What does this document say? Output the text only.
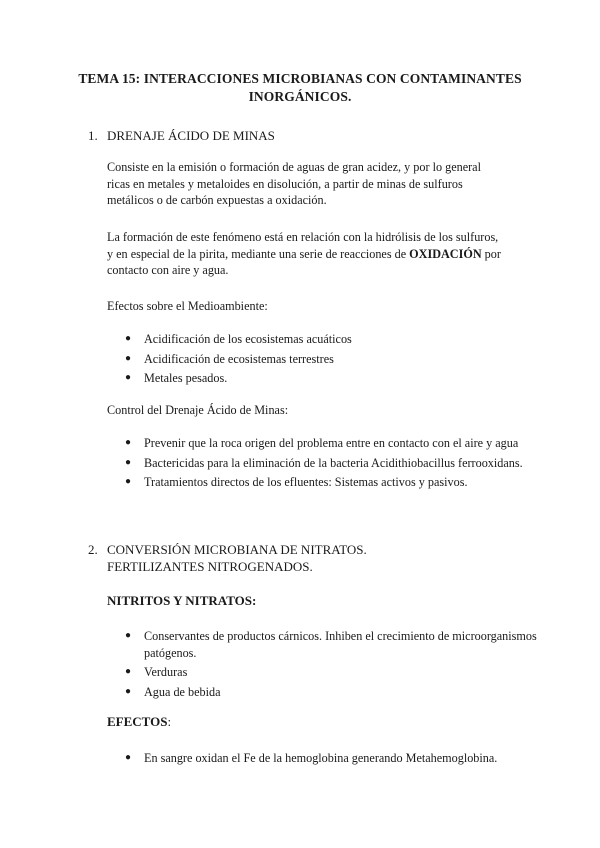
TEMA 15: INTERACCIONES MICROBIANAS CON CONTAMINANTES INORGÁNICOS.
1. DRENAJE ÁCIDO DE MINAS
Consiste en la emisión o formación de aguas de gran acidez, y por lo general ricas en metales y metaloides en disolución, a partir de minas de sulfuros metálicos o de carbón expuestas a oxidación.
La formación de este fenómeno está en relación con la hidrólisis de los sulfuros, y en especial de la pirita, mediante una serie de reacciones de OXIDACIÓN por contacto con aire y agua.
Efectos sobre el Medioambiente:
● Acidificación de los ecosistemas acuáticos
● Acidificación de ecosistemas terrestres
● Metales pesados.
Control del Drenaje Ácido de Minas:
● Prevenir que la roca origen del problema entre en contacto con el aire y agua
● Bactericidas para la eliminación de la bacteria Acidithiobacillus ferrooxidans.
● Tratamientos directos de los efluentes: Sistemas activos y pasivos.
2. CONVERSIÓN MICROBIANA DE NITRATOS. FERTILIZANTES NITROGENADOS.
NITRITOS Y NITRATOS:
● Conservantes de productos cárnicos. Inhiben el crecimiento de microorganismos patógenos.
● Verduras
● Agua de bebida
EFECTOS:
● En sangre oxidan el Fe de la hemoglobina generando Metahemoglobina.
